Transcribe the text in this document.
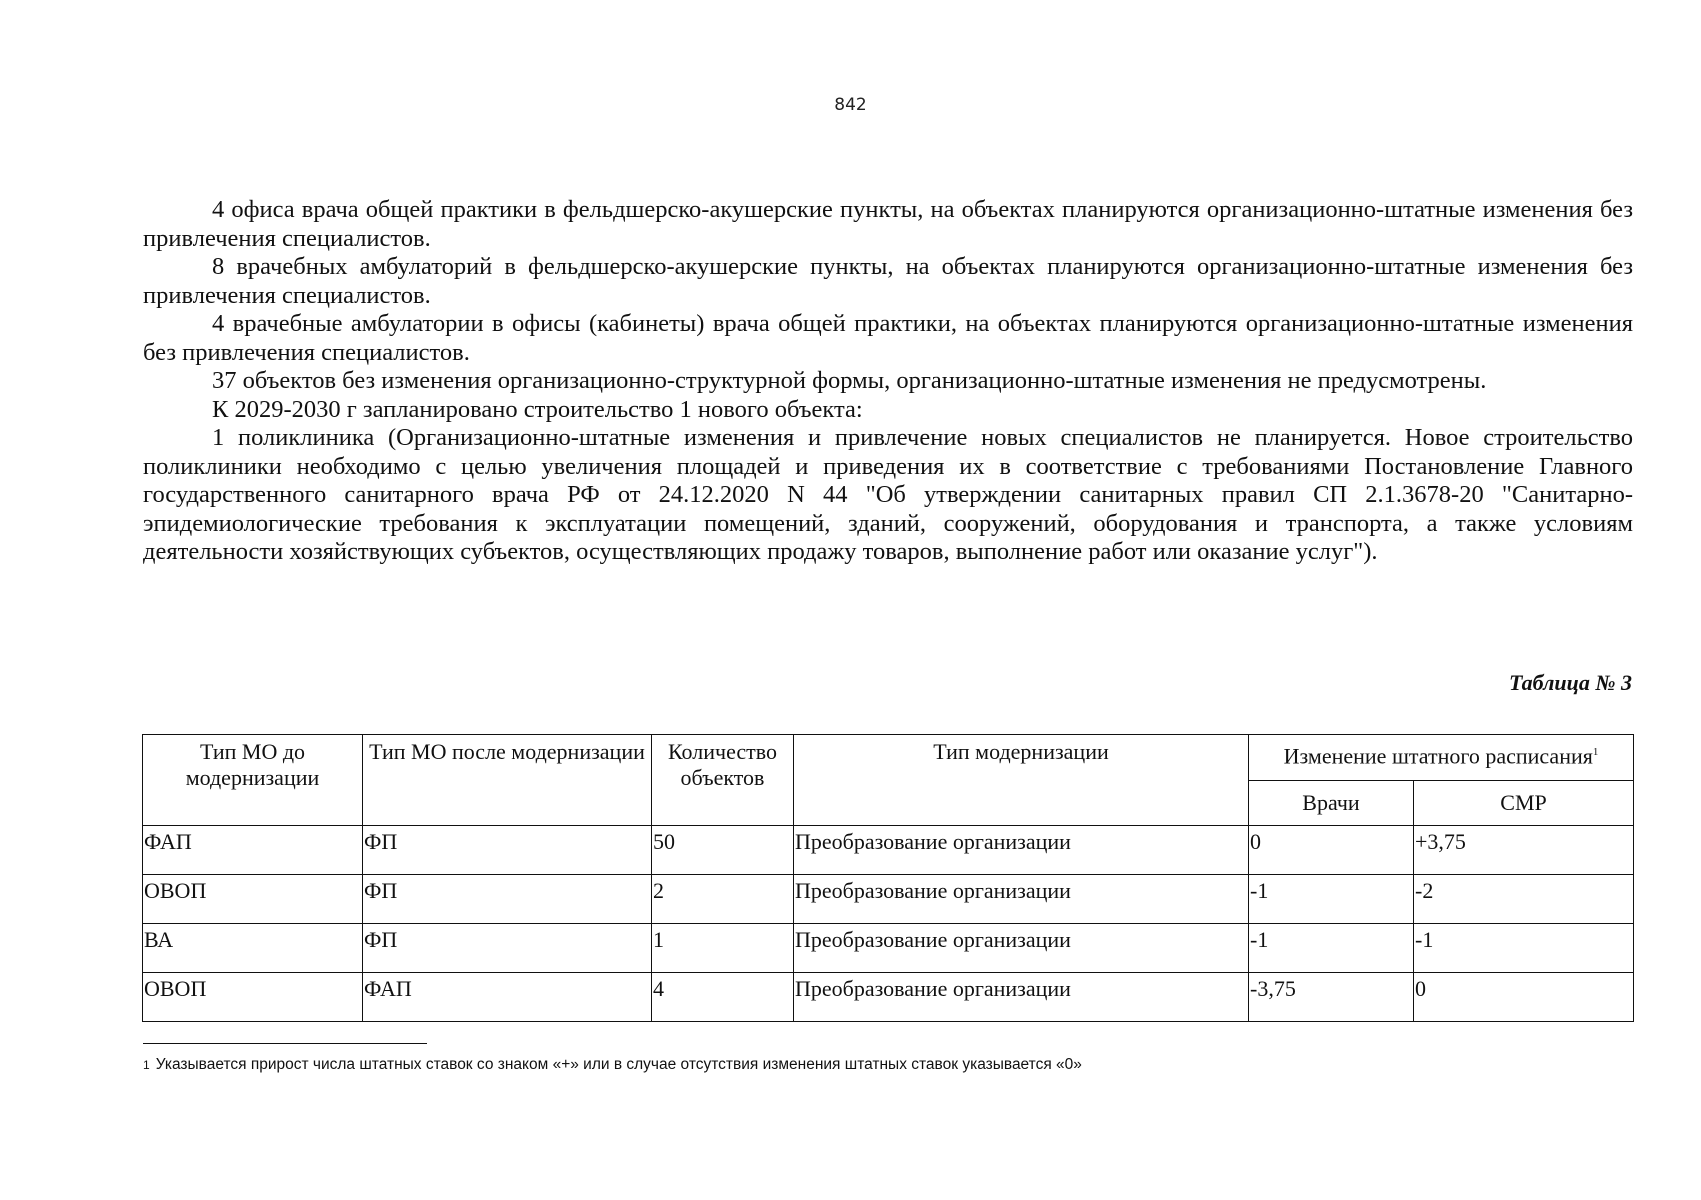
842

4 офиса врача общей практики в фельдшерско-акушерские пункты, на объектах планируются организационно-штатные изменения без привлечения специалистов.

8 врачебных амбулаторий в фельдшерско-акушерские пункты, на объектах планируются организационно-штатные изменения без привлечения специалистов.

4 врачебные амбулатории в офисы (кабинеты) врача общей практики, на объектах планируются организационно-штатные изменения без привлечения специалистов.

37 объектов без изменения организационно-структурной формы, организационно-штатные изменения не предусмотрены.

К 2029-2030 г запланировано строительство 1 нового объекта:

1 поликлиника (Организационно-штатные изменения и привлечение новых специалистов не планируется. Новое строительство поликлиники необходимо с целью увеличения площадей и приведения их в соответствие с требованиями Постановление Главного государственного санитарного врача РФ от 24.12.2020 N 44 "Об утверждении санитарных правил СП 2.1.3678-20 "Санитарно-эпидемиологические требования к эксплуатации помещений, зданий, сооружений, оборудования и транспорта, а также условиям деятельности хозяйствующих субъектов, осуществляющих продажу товаров, выполнение работ или оказание услуг").

Таблица № 3
Тип МО до модернизации	Тип МО после модернизации	Количество объектов	Тип модернизации	Изменение штатного расписания$^1$
				Врачи	СМР
ФАП	ФП	50	Преобразование организации	0	+3,75
ОВОП	ФП	2	Преобразование организации	-1	-2
ВА	ФП	1	Преобразование организации	-1	-1
ОВОП	ФАП	4	Преобразование организации	-3,75	0
1 Указывается прирост числа штатных ставок со знаком «+» или в случае отсутствия изменения штатных ставок указывается «0»
